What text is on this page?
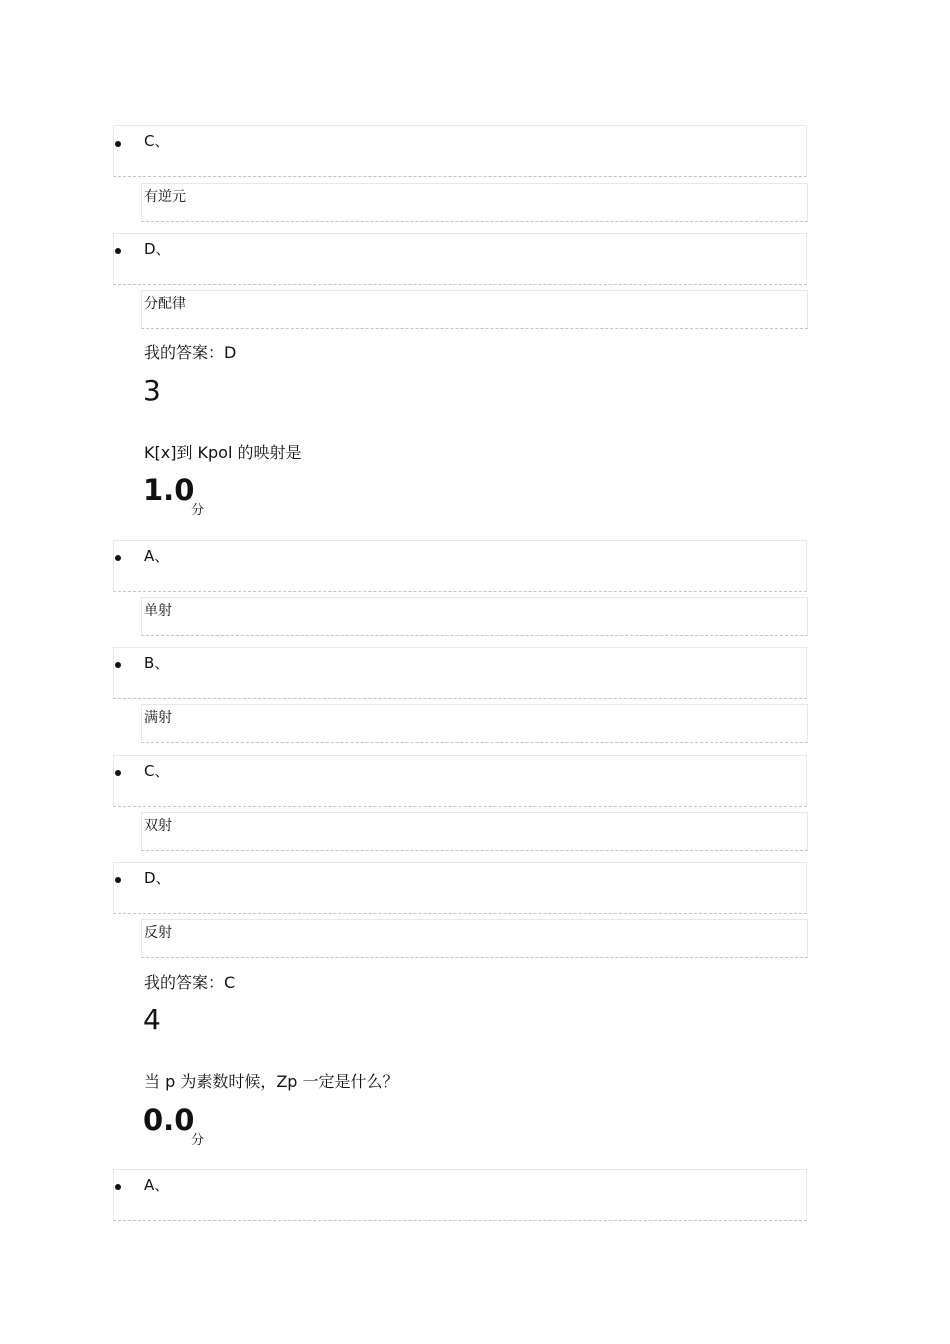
C、
有逆元
D、
分配律
我的答案：D
3
K[x]到 Kpol 的映射是
1.0
分
A、
单射
ﾞﾞﾞﾞﾞﾞﾞﾞﾞﾞﾞﾞﾞﾞﾞﾞﾞﾞﾞﾞﾞﾞﾞﾞﾞﾞﾞﾞﾞﾞﾞﾞﾞﾞﾞﾞﾞﾞﾞﾞﾞﾞﾞﾞﾞﾞﾞﾞﾞﾞﾞﾞﾞﾞﾞﾞﾞﾞﾞﾞﾞﾞﾞﾞﾞﾞﾞﾞﾞﾞﾞﾞﾞﾞﾞﾞﾞﾞﾞﾞﾞﾞﾞﾞﾞﾞﾞﾞﾞﾞﾞﾞﾞﾞﾞﾞﾞﾞﾞﾞﾞﾞﾞﾞﾞﾞﾞﾞﾞﾞﾞﾞﾞﾞﾞﾞﾞﾞﾞﾞﾞﾞﾞﾞﾞﾞﾞﾞﾞﾞﾞﾞﾞﾞﾞﾞﾞﾞﾞﾞﾞﾞﾞﾞﾞﾞﾞﾞﾞﾞﾞﾞﾞﾞﾞﾞﾞﾞﾞﾞﾞﾞﾞﾞﾞﾞﾞﾞﾞﾞﾞﾞﾞﾞﾞﾞﾞﾞﾞﾞﾞﾞﾞﾞﾞﾞﾞﾞﾞﾞﾞﾞﾞﾞ
B、
ﾞﾞﾞﾞﾞﾞﾞﾞﾞﾞﾞﾞﾞﾞﾞﾞﾞﾞﾞﾞﾞﾞﾞﾞﾞﾞﾞﾞﾞﾞﾞﾞﾞﾞﾞﾞﾞﾞﾞﾞﾞﾞﾞﾞﾞﾞﾞﾞﾞﾞﾞﾞﾞﾞﾞﾞﾞﾞﾞﾞﾞﾞﾞﾞﾞﾞﾞﾞﾞﾞﾞﾞﾞﾞﾞﾞﾞﾞﾞﾞﾞﾞﾞﾞﾞﾞﾞﾞﾞﾞﾞﾞﾞﾞﾞﾞﾞﾞﾞﾞﾞﾞﾞﾞﾞﾞﾞﾞﾞﾞﾞﾞﾞﾞﾞﾞﾞﾞﾞﾞﾞﾞﾞﾞﾞﾞﾞﾞﾞﾞﾞﾞﾞﾞﾞﾞﾞﾞﾞﾞﾞﾞﾞﾞﾞﾞﾞﾞﾞﾞﾞﾞﾞﾞﾞﾞﾞﾞﾞﾞﾞﾞﾞﾞﾞﾞﾞﾞﾞﾞﾞﾞﾞﾞﾞﾞﾞﾞﾞﾞﾞﾞﾞﾞﾞﾞﾞﾞﾞﾞﾞﾞﾞﾞﾞﾞﾞﾞﾞﾞﾞﾞ
满射
C、
双射
D、
反射
我的答案：C
4
当 p 为素数时候，Zp 一定是什么？
0.0
分
A、
